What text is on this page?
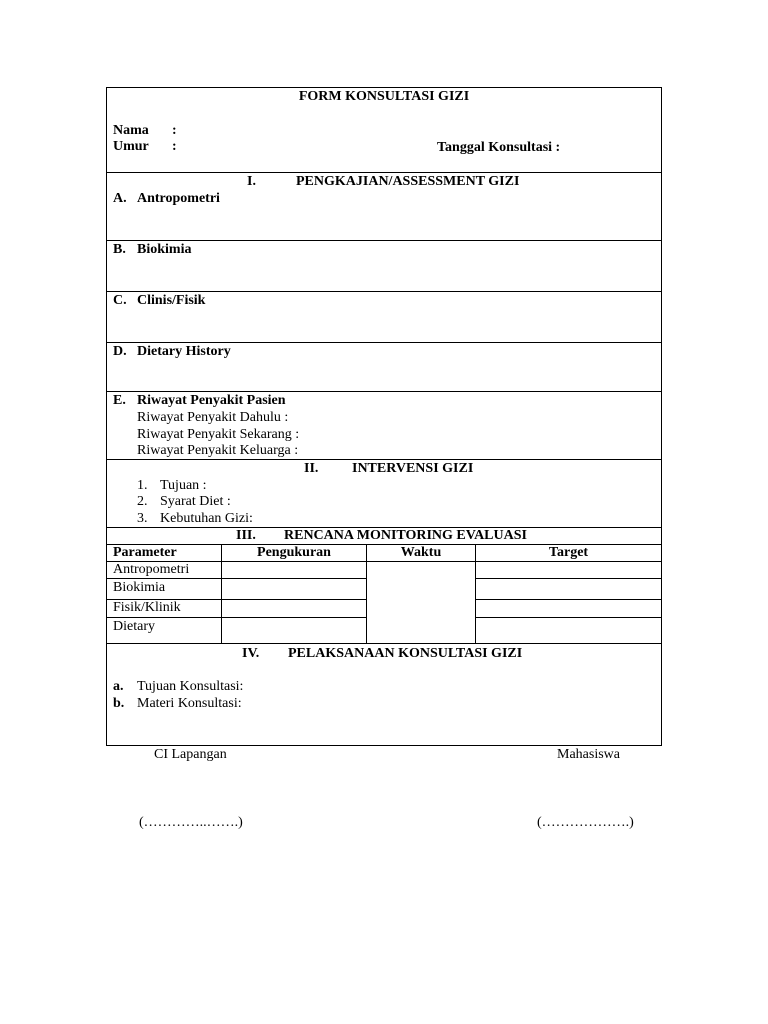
FORM KONSULTASI GIZI
Nama :
Umur :	Tanggal Konsultasi :
I.	PENGKAJIAN/ASSESSMENT GIZI
A. Antropometri
B. Biokimia
C. Clinis/Fisik
D. Dietary History
E. Riwayat Penyakit Pasien
Riwayat Penyakit Dahulu :
Riwayat Penyakit Sekarang :
Riwayat Penyakit Keluarga :
II. INTERVENSI GIZI
1. Tujuan :
2. Syarat Diet :
3. Kebutuhan Gizi:
III. RENCANA MONITORING EVALUASI
Parameter	Pengukuran	Waktu	Target
Antropometri
Biokimia
Fisik/Klinik
Dietary
IV. PELAKSANAAN KONSULTASI GIZI
a. Tujuan Konsultasi:
b. Materi Konsultasi:
CI Lapangan	Mahasiswa
(…………..…….)	(……………….)
